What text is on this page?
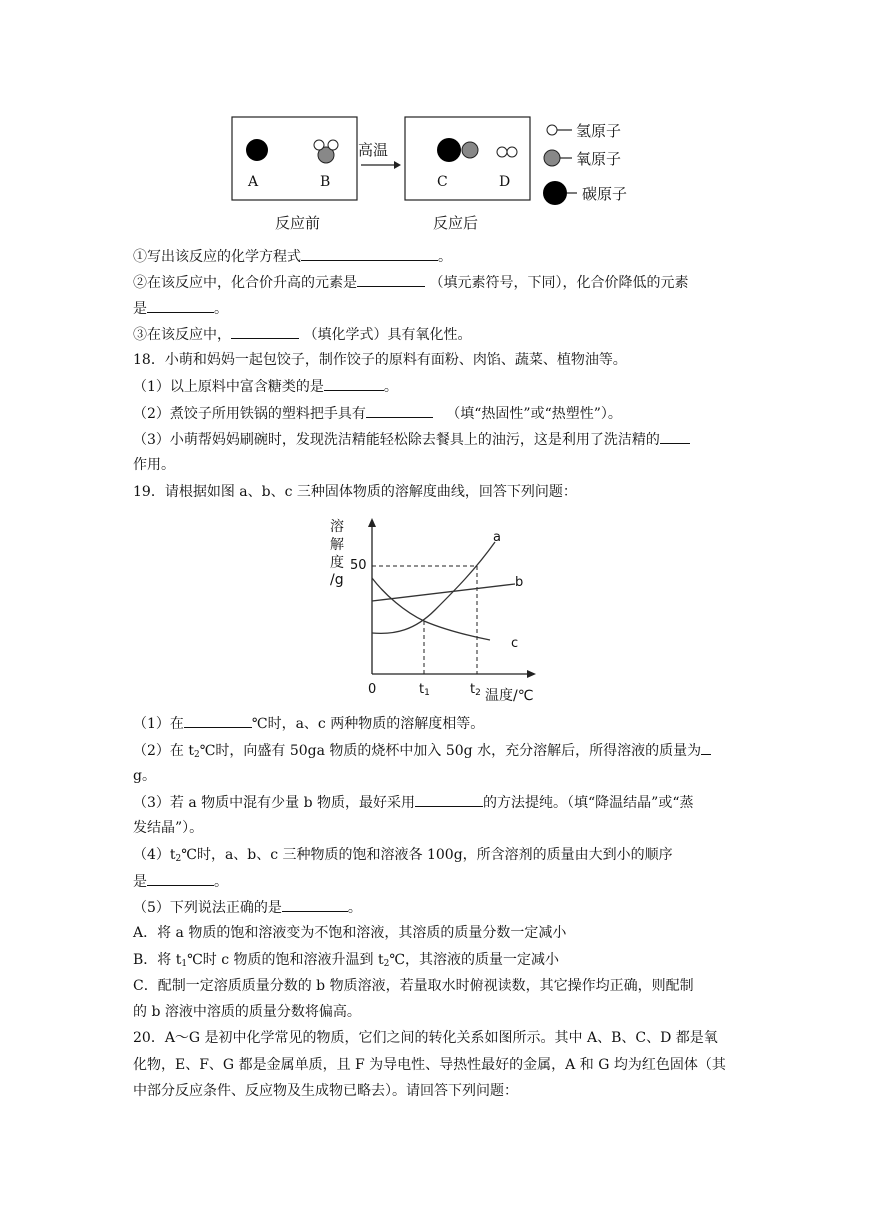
高温
A	B	C	D
氢原子
氧原子
碳原子
反应前	反应后
①写出该反应的化学方程式	。
②在该反应中，化合价升高的元素是	（填元素符号，下同），化合价降低的元素
是	。
③在该反应中，	（填化学式）具有氧化性。
18．小萌和妈妈一起包饺子，制作饺子的原料有面粉、肉馅、蔬菜、植物油等。
（1）以上原料中富含糖类的是	。
（2）煮饺子所用铁锅的塑料把手具有	（填“热固性”或“热塑性”）。
（3）小萌帮妈妈刷碗时，发现洗洁精能轻松除去餐具上的油污，这是利用了洗洁精的
作用。
19．请根据如图 a、b、c 三种固体物质的溶解度曲线，回答下列问题：
溶
解
度
/g
50
0	$t_1$	$t_2$ 温度/℃
a
b
c
（1）在	℃时，a、c 两种物质的溶解度相等。
（2）在 $t_2℃$时，向盛有 50ga 物质的烧杯中加入 50g 水，充分溶解后，所得溶液的质量为
g。
（3）若 a 物质中混有少量 b 物质，最好采用	的方法提纯。（填“降温结晶”或“蒸
发结晶”）。
$(4)t_2℃$时，a、b、c 三种物质的饱和溶液各 100g，所含溶剂的质量由大到小的顺序
是	。
（5）下列说法正确的是	。
A．将 a 物质的饱和溶液变为不饱和溶液，其溶质的质量分数一定减小
B．将 $t_1℃$时 c 物质的饱和溶液升温到 $t_2℃$，其溶液的质量一定减小
C．配制一定溶质质量分数的 b 物质溶液，若量取水时俯视读数，其它操作均正确，则配制
的 b 溶液中溶质的质量分数将偏高。
20．A～G 是初中化学常见的物质，它们之间的转化关系如图所示。其中 A、B、C、D 都是氧
化物，E、F、G 都是金属单质，且 F 为导电性、导热性最好的金属，A 和 G 均为红色固体（其
中部分反应条件、反应物及生成物已略去）。请回答下列问题：
